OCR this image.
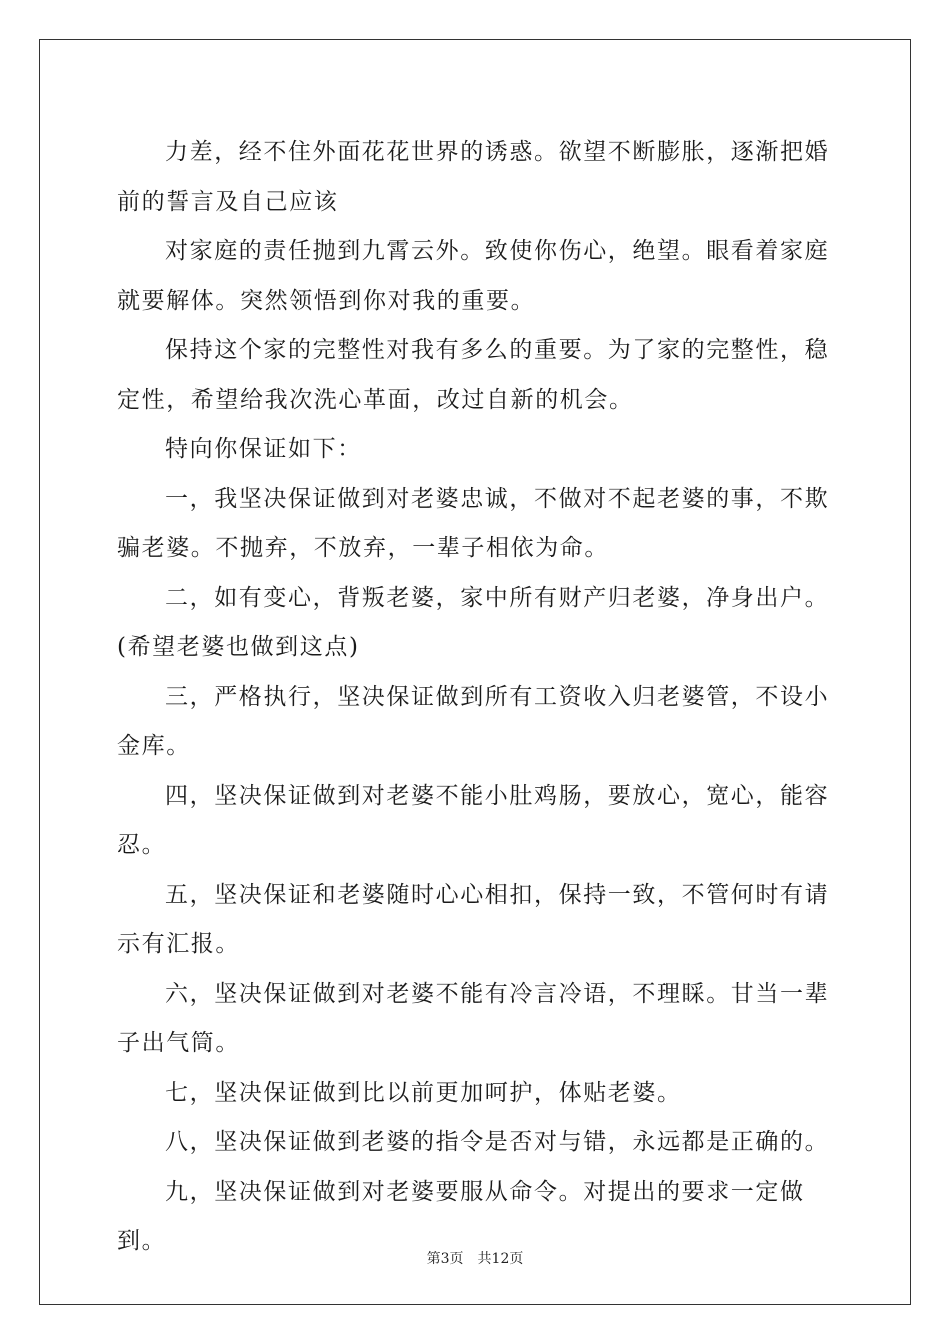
力差，经不住外面花花世界的诱惑。欲望不断膨胀，逐渐把婚前的誓言及自己应该

对家庭的责任抛到九霄云外。致使你伤心，绝望。眼看着家庭就要解体。突然领悟到你对我的重要。

保持这个家的完整性对我有多么的重要。为了家的完整性，稳定性，希望给我次洗心革面，改过自新的机会。

特向你保证如下：

一，我坚决保证做到对老婆忠诚，不做对不起老婆的事，不欺骗老婆。不抛弃，不放弃，一辈子相依为命。

二，如有变心，背叛老婆，家中所有财产归老婆，净身出户。(希望老婆也做到这点)

三，严格执行，坚决保证做到所有工资收入归老婆管，不设小金库。

四，坚决保证做到对老婆不能小肚鸡肠，要放心，宽心，能容忍。

五，坚决保证和老婆随时心心相扣，保持一致，不管何时有请示有汇报。

六，坚决保证做到对老婆不能有冷言冷语，不理睬。甘当一辈子出气筒。

七，坚决保证做到比以前更加呵护，体贴老婆。

八，坚决保证做到老婆的指令是否对与错，永远都是正确的。

九，坚决保证做到对老婆要服从命令。对提出的要求一定做到。

第3页 共12页
